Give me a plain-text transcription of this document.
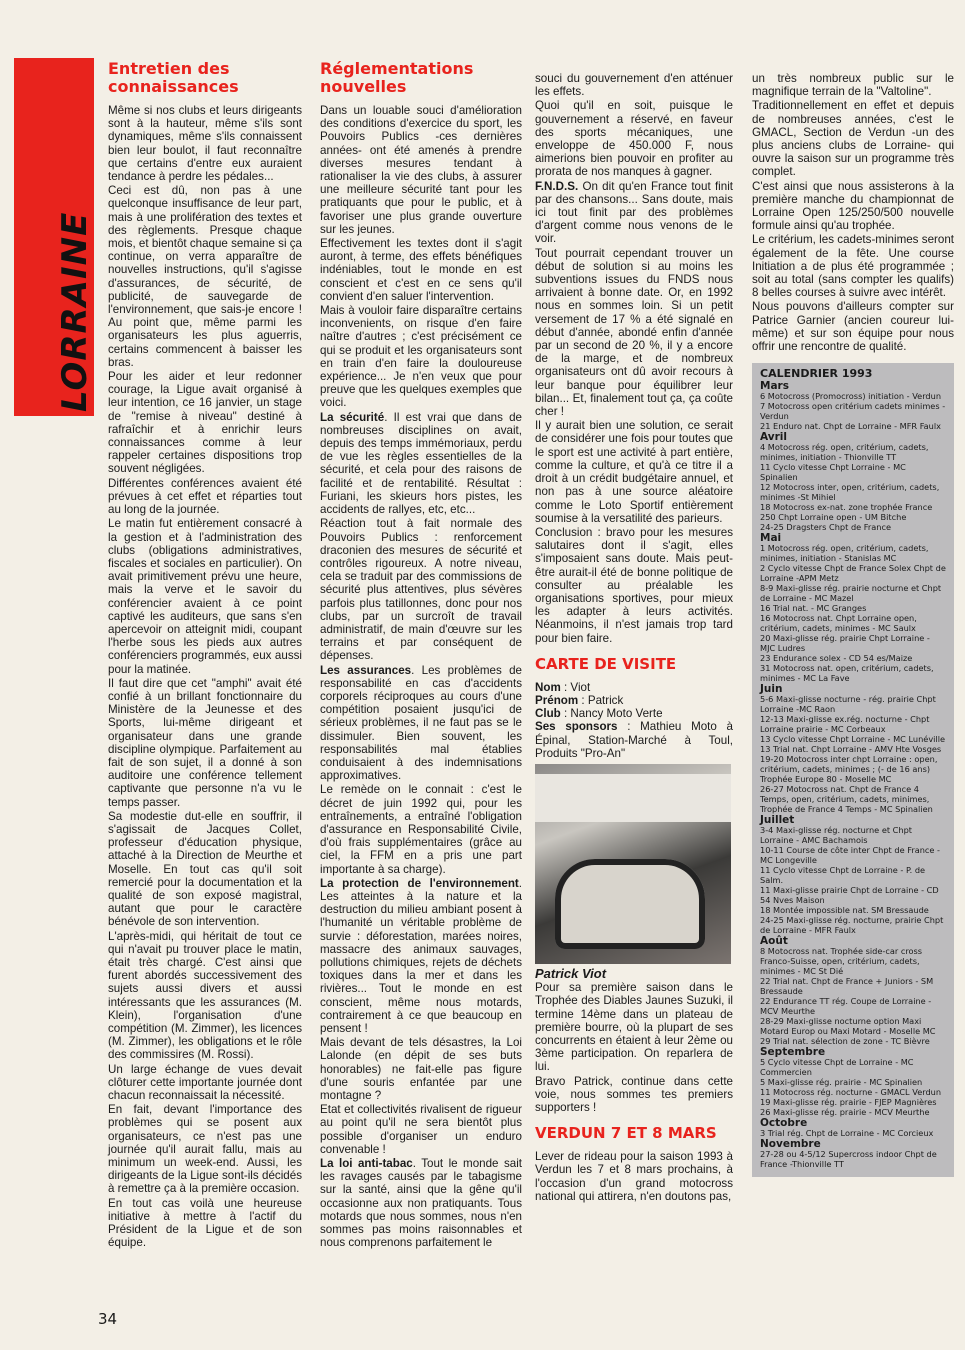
LORRAINE
Entretien des connaissances

Même si nos clubs et leurs dirigeants sont à la hauteur, même s'ils sont dynamiques, même s'ils connaissent bien leur boulot, il faut reconnaître que certains d'entre eux auraient tendance à perdre les pédales...

Ceci est dû, non pas à une quelconque insuffisance de leur part, mais à une prolifération des textes et des règlements. Presque chaque mois, et bientôt chaque semaine si ça continue, on verra apparaître de nouvelles instructions, qu'il s'agisse d'assurances, de sécurité, de publicité, de sauvegarde de l'environnement, que sais-je encore ! Au point que, même parmi les organisateurs les plus aguerris, certains commencent à baisser les bras.

Pour les aider et leur redonner courage, la Ligue avait organisé à leur intention, ce 16 janvier, un stage de "remise à niveau" destiné à rafraîchir et à enrichir leurs connaissances comme à leur rappeler certaines dispositions trop souvent négligées.

Différentes conférences avaient été prévues à cet effet et réparties tout au long de la journée.

Le matin fut entièrement consacré à la gestion et à l'administration des clubs (obligations administratives, fiscales et sociales en particulier). On avait primitivement prévu une heure, mais la verve et le savoir du conférencier avaient à ce point captivé les auditeurs, que sans s'en apercevoir on atteignit midi, coupant l'herbe sous les pieds aux autres conférenciers programmés, eux aussi pour la matinée.

Il faut dire que cet "amphi" avait été confié à un brillant fonctionnaire du Ministère de la Jeunesse et des Sports, lui-même dirigeant et organisateur dans une grande discipline olympique. Parfaitement au fait de son sujet, il a donné à son auditoire une conférence tellement captivante que personne n'a vu le temps passer.

Sa modestie dut-elle en souffrir, il s'agissait de Jacques Collet, professeur d'éducation physique, attaché à la Direction de Meurthe et Moselle. En tout cas qu'il soit remercié pour la documentation et la qualité de son exposé magistral, autant que pour le caractère bénévole de son intervention.

L'après-midi, qui héritait de tout ce qui n'avait pu trouver place le matin, était très chargé. C'est ainsi que furent abordés successivement des sujets aussi divers et aussi intéressants que les assurances (M. Klein), l'organisation d'une compétition (M. Zimmer), les licences (M. Zimmer), les obligations et le rôle des commissires (M. Rossi).

Un large échange de vues devait clôturer cette importante journée dont chacun reconnaissait la nécessité.

En fait, devant l'importance des problèmes qui se posent aux organisateurs, ce n'est pas une journée qu'il aurait fallu, mais au minimum un week-end. Aussi, les dirigeants de la Ligue sont-ils décidés à remettre ça à la première occasion.

En tout cas voilà une heureuse initiative à mettre à l'actif du Président de la Ligue et de son équipe.

Réglementations nouvelles

Dans un louable souci d'amélioration des conditions d'exercice du sport, les Pouvoirs Publics -ces dernières années- ont été amenés à prendre diverses mesures tendant à rationaliser la vie des clubs, à assurer une meilleure sécurité tant pour les pratiquants que pour le public, et à favoriser une plus grande ouverture sur les jeunes.

Effectivement les textes dont il s'agit auront, à terme, des effets bénéfiques indéniables, tout le monde en est conscient et c'est en ce sens qu'il convient d'en saluer l'intervention.

Mais à vouloir faire disparaître certains inconvenients, on risque d'en faire naître d'autres ; c'est précisément ce qui se produit et les organisateurs sont en train d'en faire la douloureuse expérience... Je n'en veux que pour preuve que les quelques exemples que voici.

La sécurité. Il est vrai que dans de nombreuses disciplines on avait, depuis des temps immémoriaux, perdu de vue les règles essentielles de la sécurité, et cela pour des raisons de facilité et de rentabilité. Résultat : Furiani, les skieurs hors pistes, les accidents de rallyes, etc, etc...

Réaction tout à fait normale des Pouvoirs Publics : renforcement draconien des mesures de sécurité et contrôles rigoureux. A notre niveau, cela se traduit par des commissions de sécurité plus attentives, plus sévères parfois plus tatillonnes, donc pour nos clubs, par un surcroît de travail administratif, de main d'œuvre sur les terrains et par conséquent de dépenses.

Les assurances. Les problèmes de responsabilité en cas d'accidents corporels réciproques au cours d'une compétition posaient jusqu'ici de sérieux problèmes, il ne faut pas se le dissimuler. Bien souvent, les responsabilités mal établies conduisaient à des indemnisations approximatives.

Le remède on le connait : c'est le décret de juin 1992 qui, pour les entraînements, a entraîné l'obligation d'assurance en Responsabilité Civile, d'où frais supplémentaires (grâce au ciel, la FFM en a pris une part importante à sa charge).

La protection de l'environnement. Les atteintes à la nature et la destruction du milieu ambiant posent à l'humanité un véritable problème de survie : déforestation, marées noires, massacre des animaux sauvages, pollutions chimiques, rejets de déchets toxiques dans la mer et dans les rivières... Tout le monde en est conscient, même nous motards, contrairement à ce que beaucoup en pensent !

Mais devant de tels désastres, la Loi Lalonde (en dépit de ses buts honorables) ne fait-elle pas figure d'une souris enfantée par une montagne ?

Etat et collectivités rivalisent de rigueur au point qu'il ne sera bientôt plus possible d'organiser un enduro convenable !

La loi anti-tabac. Tout le monde sait les ravages causés par le tabagisme sur la santé, ainsi que la gêne qu'il occasionne aux non pratiquants. Tous motards que nous sommes, nous n'en sommes pas moins raisonnables et nous comprenons parfaitement le

souci du gouvernement d'en atténuer les effets.

Quoi qu'il en soit, puisque le gouvernement a réservé, en faveur des sports mécaniques, une enveloppe de 450.000 F, nous aimerions bien pouvoir en profiter au prorata de nos manques à gagner.

F.N.D.S. On dit qu'en France tout finit par des chansons... Sans doute, mais ici tout finit par des problèmes d'argent comme nous venons de le voir.

Tout pourrait cependant trouver un début de solution si au moins les subventions issues du FNDS nous arrivaient à bonne date. Or, en 1992 nous en sommes loin. Si un petit versement de 17 % a été signalé en début d'année, abondé enfin d'année par un second de 20 %, il y a encore de la marge, et de nombreux organisateurs ont dû avoir recours à leur banque pour équilibrer leur bilan... Et, finalement tout ça, ça coûte cher !

Il y aurait bien une solution, ce serait de considérer une fois pour toutes que le sport est une activité à part entière, comme la culture, et qu'à ce titre il a droit à un crédit budgétaire annuel, et non pas à une source aléatoire comme le Loto Sportif entièrement soumise à la versatilité des parieurs.

Conclusion : bravo pour les mesures salutaires dont il s'agit, elles s'imposaient sans doute. Mais peut-être aurait-il été de bonne politique de consulter au préalable les organisations sportives, pour mieux les adapter à leurs activités. Néanmoins, il n'est jamais trop tard pour bien faire.

CARTE DE VISITE

Nom : Viot

Prénom : Patrick

Club : Nancy Moto Verte

Ses sponsors : Mathieu Moto à Épinal, Station-Marché à Toul, Produits "Pro-An"

Patrick Viot

Pour sa première saison dans le Trophée des Diables Jaunes Suzuki, il termine 14ème dans un plateau de première bourre, où la plupart de ses concurrents en étaient à leur 2ème ou 3ème participation. On reparlera de lui.

Bravo Patrick, continue dans cette voie, nous sommes tes premiers supporters !

VERDUN 7 ET 8 MARS

Lever de rideau pour la saison 1993 à Verdun les 7 et 8 mars prochains, à l'occasion d'un grand motocross national qui attirera, n'en doutons pas,

un très nombreux public sur le magnifique terrain de la "Valtoline".

Traditionnellement en effet et depuis de nombreuses années, c'est le GMACL, Section de Verdun -un des plus anciens clubs de Lorraine- qui ouvre la saison sur un programme très complet.

C'est ainsi que nous assisterons à la première manche du championnat de Lorraine Open 125/250/500 nouvelle formule ainsi qu'au trophée.

Le critérium, les cadets-minimes seront également de la fête. Une course Initiation a de plus été programmée ; soit au total (sans compter les qualifs) 8 belles courses à suivre avec intérêt.

Nous pouvons d'ailleurs compter sur Patrice Garnier (ancien coureur lui-même) et sur son équipe pour nous offrir une rencontre de qualité.

CALENDRIER 1993
Mars
6 Motocross (Promocross) initiation - Verdun
7 Motocross open critérium cadets minimes - Verdun
21 Enduro nat. Chpt de Lorraine - MFR Faulx
Avril
4 Motocross rég. open, critérium, cadets, minimes, initiation - Thionville TT
11 Cyclo vitesse Chpt Lorraine - MC Spinalien
12 Motocross inter, open, critérium, cadets, minimes -St Mihiel
18 Motocross ex-nat. zone trophée France 250 Chpt Lorraine open - UM Bitche
24-25 Dragsters Chpt de France
Mai
1 Motocross rég. open, critérium, cadets, minimes, initiation - Stanislas MC
2 Cyclo vitesse Chpt de France Solex Chpt de Lorraine -APM Metz
8-9 Maxi-glisse rég. prairie nocturne et Chpt de Lorraine - MC Mazel
16 Trial nat. - MC Granges
16 Motocross nat. Chpt Lorraine open, critérium, cadets, minimes - MC Saulx
20 Maxi-glisse rég. prairie Chpt Lorraine - MJC Ludres
23 Endurance solex - CD 54 es/Maize
31 Motocross nat. open, critérium, cadets, minimes - MC La Fave
Juin
5-6 Maxi-glisse nocturne - rég. prairie Chpt Lorraine -MC Raon
12-13 Maxi-glisse ex.rég. nocturne - Chpt Lorraine prairie - MC Corbeaux
13 Cyclo vitesse Chpt Lorraine - MC Lunéville
13 Trial nat. Chpt Lorraine - AMV Hte Vosges
19-20 Motocross inter chpt Lorraine : open, critérium, cadets, minimes ; (- de 16 ans) Trophée Europe 80 - Moselle MC
26-27 Motocross nat. Chpt de France 4 Temps, open, critérium, cadets, minimes, Trophée de France 4 Temps - MC Spinalien
Juillet
3-4 Maxi-glisse rég. nocturne et Chpt Lorraine - AMC Bachamois
10-11 Course de côte inter Chpt de France - MC Longeville
11 Cyclo vitesse Chpt de Lorraine - P. de Salm.
11 Maxi-glisse prairie Chpt de Lorraine - CD 54 Nves Maison
18 Montée impossible nat. SM Bressaude
24-25 Maxi-glisse rég. nocturne, prairie Chpt de Lorraine - MFR Faulx
Août
8 Motocross nat. Trophée side-car cross Franco-Suisse, open, critérium, cadets, minimes - MC St Dié
22 Trial nat. Chpt de France + Juniors - SM Bressaude
22 Endurance TT rég. Coupe de Lorraine - MCV Meurthe
28-29 Maxi-glisse nocturne option Maxi Motard Europ ou Maxi Motard - Moselle MC
29 Trial nat. sélection de zone - TC Bièvre
Septembre
5 Cyclo vitesse Chpt de Lorraine - MC Commercien
5 Maxi-glisse rég. prairie - MC Spinalien
11 Motocross rég. nocturne - GMACL Verdun
19 Maxi-glisse rég. prairie - FJEP Magnières
26 Maxi-glisse rég. prairie - MCV Meurthe
Octobre
3 Trial rég. Chpt de Lorraine - MC Corcieux
Novembre
27-28 ou 4-5/12 Supercross indoor Chpt de France -Thionville TT
34
